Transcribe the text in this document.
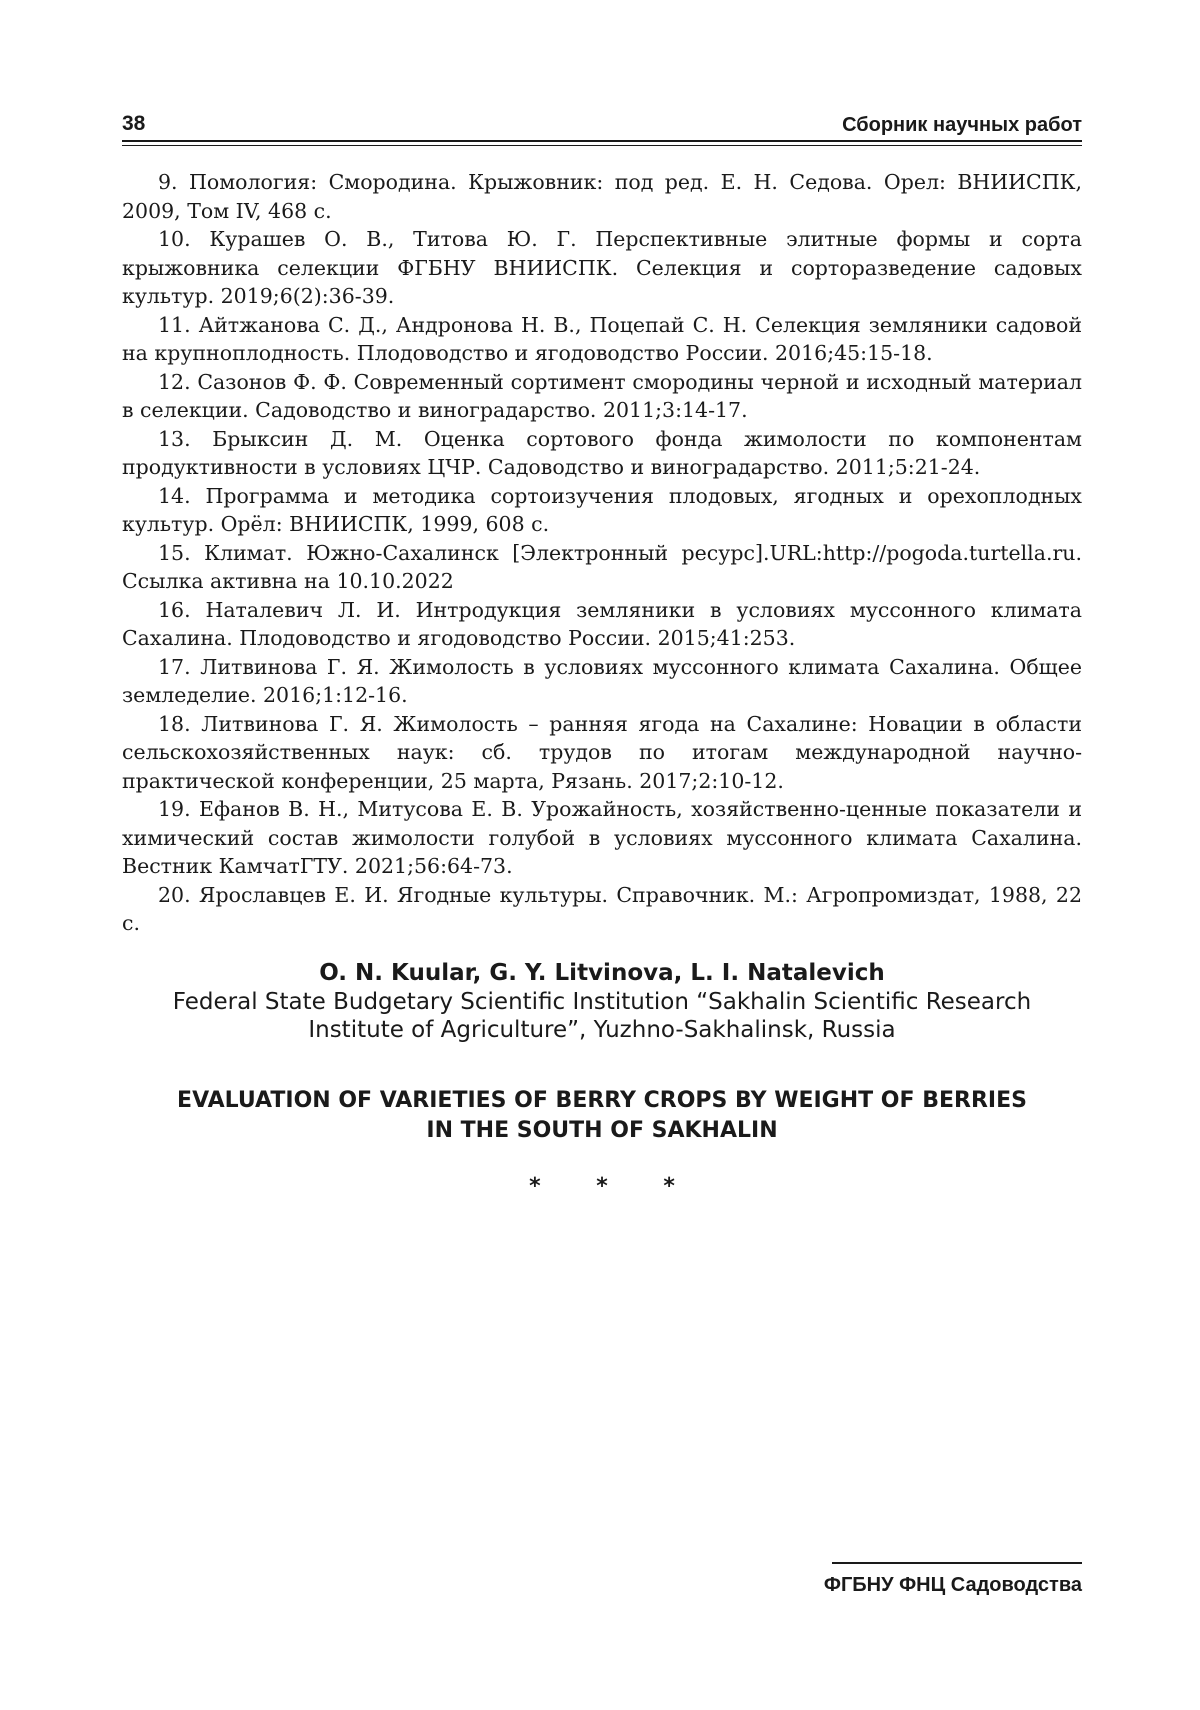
38	Сборник научных работ

9. Помология: Смородина. Крыжовник: под ред. Е. Н. Седова. Орел: ВНИИСПК, 2009, Том IV, 468 с.

10. Курашев О. В., Титова Ю. Г. Перспективные элитные формы и сорта крыжовника селекции ФГБНУ ВНИИСПК. Селекция и сорторазведение садовых культур. 2019;6(2):36-39.

11. Айтжанова С. Д., Андронова Н. В., Поцепай С. Н. Селекция земляники садовой на крупноплодность. Плодоводство и ягодоводство России. 2016;45:15-18.

12. Сазонов Ф. Ф. Современный сортимент смородины черной и исходный материал в селекции. Садоводство и виноградарство. 2011;3:14-17.

13. Брыксин Д. М. Оценка сортового фонда жимолости по компонентам продуктивности в условиях ЦЧР. Садоводство и виноградарство. 2011;5:21-24.

14. Программа и методика сортоизучения плодовых, ягодных и орехоплодных культур. Орёл: ВНИИСПК, 1999, 608 с.

15. Климат. Южно-Сахалинск [Электронный ресурс].URL:http://pogoda.turtella.ru. Ссылка активна на 10.10.2022

16. Наталевич Л. И. Интродукция земляники в условиях муссонного климата Сахалина. Плодоводство и ягодоводство России. 2015;41:253.

17. Литвинова Г. Я. Жимолость в условиях муссонного климата Сахалина. Общее земледелие. 2016;1:12-16.

18. Литвинова Г. Я. Жимолость – ранняя ягода на Сахалине: Новации в области сельскохозяйственных наук: сб. трудов по итогам международной научно-практической конференции, 25 марта, Рязань. 2017;2:10-12.

19. Ефанов В. Н., Митусова Е. В. Урожайность, хозяйственно-ценные показатели и химический состав жимолости голубой в условиях муссонного климата Сахалина. Вестник КамчатГТУ. 2021;56:64-73.

20. Ярославцев Е. И. Ягодные культуры. Справочник. М.: Агропромиздат, 1988, 22 с.

O. N. Kuular, G. Y. Litvinova, L. I. Natalevich

Federal State Budgetary Scientific Institution “Sakhalin Scientific Research

Institute of Agriculture”, Yuzhno-Sakhalinsk, Russia

EVALUATION OF VARIETIES OF BERRY CROPS BY WEIGHT OF BERRIES
IN THE SOUTH OF SAKHALIN
* * *
ФГБНУ ФНЦ Садоводства
